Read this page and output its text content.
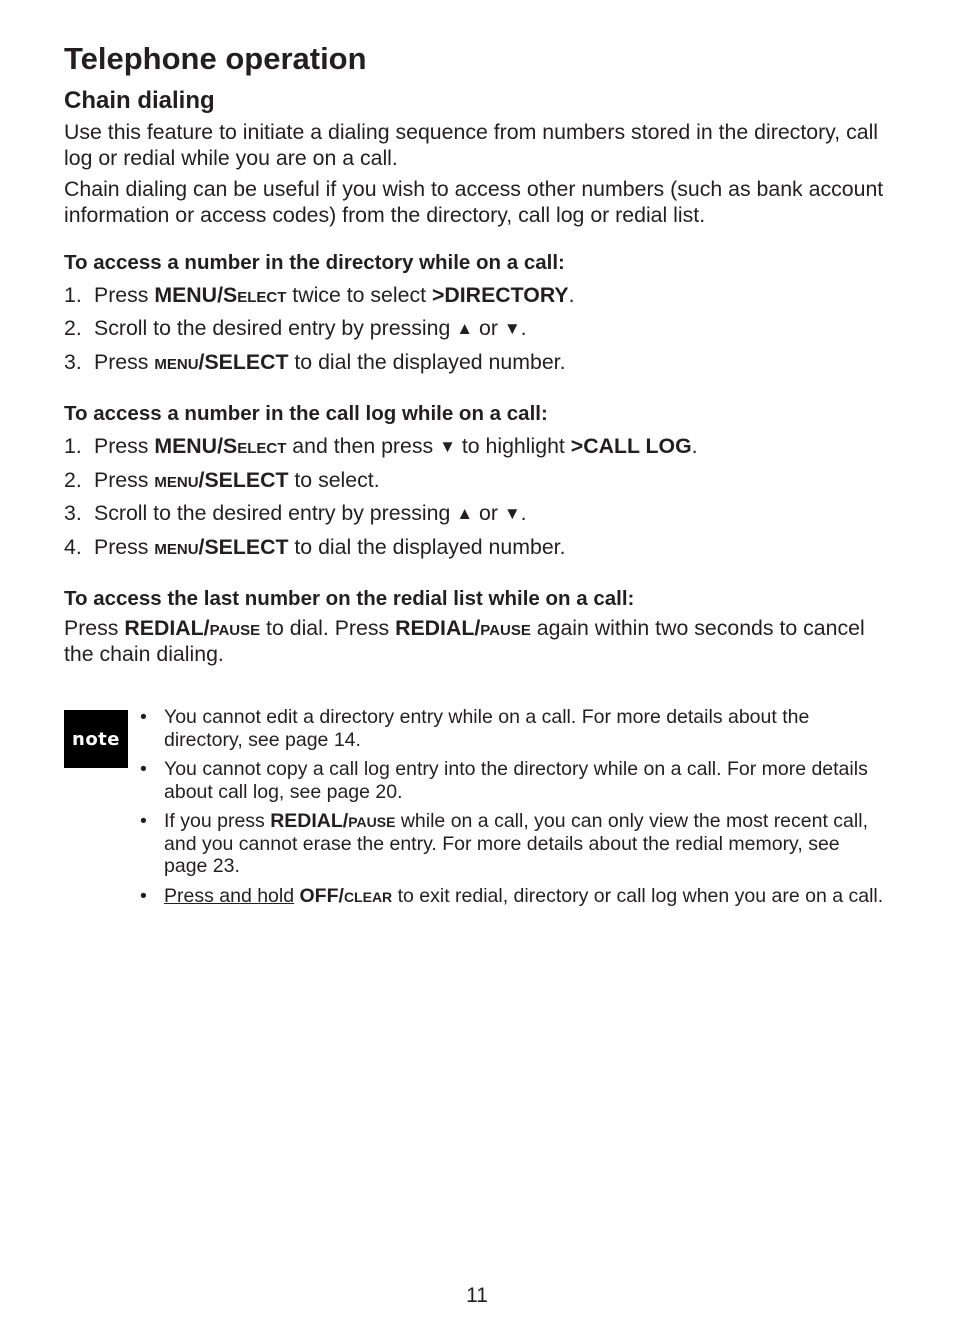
Telephone operation
Chain dialing

Use this feature to initiate a dialing sequence from numbers stored in the directory, call log or redial while you are on a call.

Chain dialing can be useful if you wish to access other numbers (such as bank account information or access codes) from the directory, call log or redial list.

To access a number in the directory while on a call:
1. Press MENU/Select twice to select >DIRECTORY.
2. Scroll to the desired entry by pressing ▲ or ▼.
3. Press menu/SELECT to dial the displayed number.
To access a number in the call log while on a call:
1. Press MENU/Select and then press ▼ to highlight >CALL LOG.
2. Press menu/SELECT to select.
3. Scroll to the desired entry by pressing ▲ or ▼.
4. Press menu/SELECT to dial the displayed number.
To access the last number on the redial list while on a call:

Press REDIAL/pause to dial. Press REDIAL/pause again within two seconds to cancel the chain dialing.

note
• You cannot edit a directory entry while on a call. For more details about the directory, see page 14.
• You cannot copy a call log entry into the directory while on a call. For more details about call log, see page 20.
• If you press REDIAL/pause while on a call, you can only view the most recent call, and you cannot erase the entry. For more details about the redial memory, see page 23.
• Press and hold OFF/clear to exit redial, directory or call log when you are on a call.
11
